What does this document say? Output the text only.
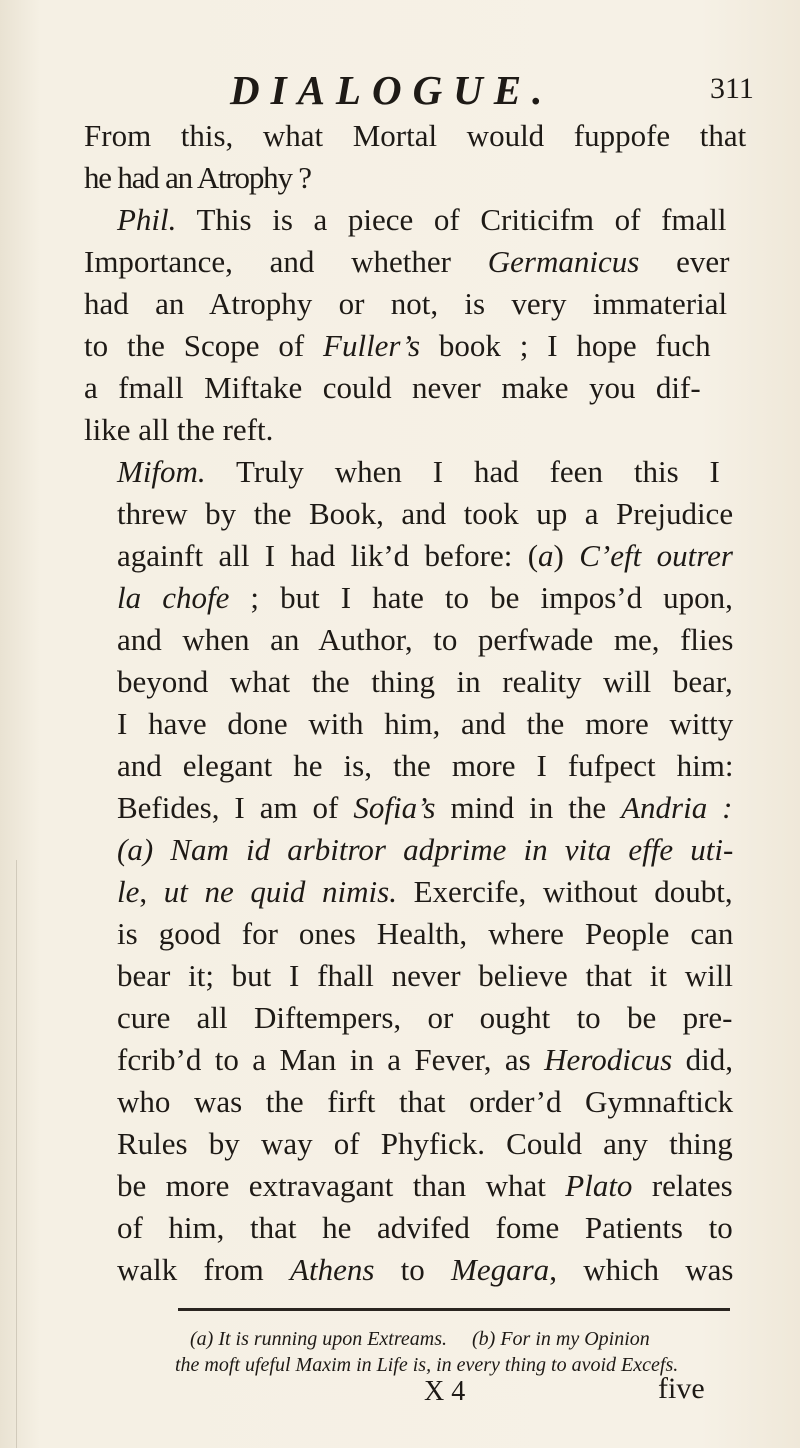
DIALOGUE.	311
From this, what Mortal would fuppofe that
he had an Atrophy ?
Phil. This is a piece of Criticifm of fmall
Importance, and whether Germanicus ever
had an Atrophy or not, is very immaterial
to the Scope of Fuller’s book ; I hope fuch
a fmall Miftake could never make you dif-
like all the reft.
Mifom. Truly when I had feen this I
threw by the Book, and took up a Prejudice
againft all I had lik’d before: (a) C’eft outrer
la chofe ; but I hate to be impos’d upon,
and when an Author, to perfwade me, flies
beyond what the thing in reality will bear,
I have done with him, and the more witty
and elegant he is, the more I fufpect him:
Befides, I am of Sofia’s mind in the Andria :
(a) Nam id arbitror adprime in vita effe uti-
le, ut ne quid nimis. Exercife, without doubt,
is good for ones Health, where People can
bear it; but I fhall never believe that it will
cure all Diftempers, or ought to be pre-
fcrib’d to a Man in a Fever, as Herodicus did,
who was the firft that order’d Gymnaftick
Rules by way of Phyfick. Could any thing
be more extravagant than what Plato relates
of him, that he advifed fome Patients to
walk from Athens to Megara, which was
(a) It is running upon Extreams.     (b) For in my Opinion
the moft ufeful Maxim in Life is, in every thing to avoid Excefs.
X 4	five
